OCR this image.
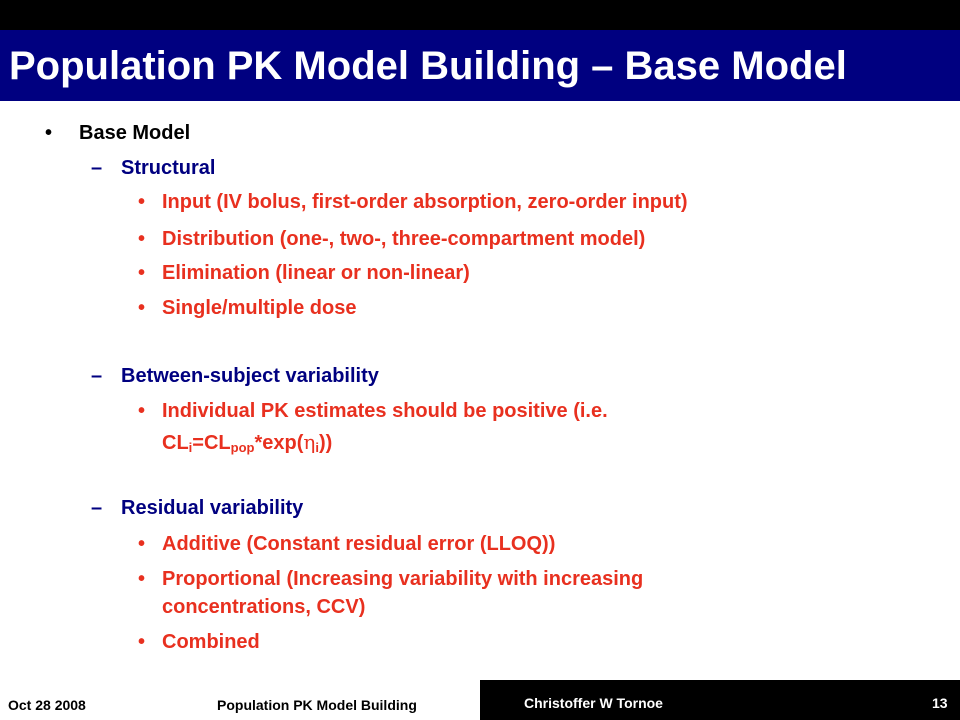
Population PK Model Building – Base Model
• Base Model
– Structural
• Input (IV bolus, first-order absorption, zero-order input)
• Distribution (one-, two-, three-compartment model)
• Elimination (linear or non-linear)
• Single/multiple dose
– Between-subject variability
• Individual PK estimates should be positive (i.e.
$CL_i=CL_{pop}*\exp(\eta_i)$)
– Residual variability
• Additive (Constant residual error (LLOQ))
• Proportional (Increasing variability with increasing
concentrations, CCV)
• Combined
Oct 28 2008	Population PK Model Building	Christoffer W Tornoe	13
